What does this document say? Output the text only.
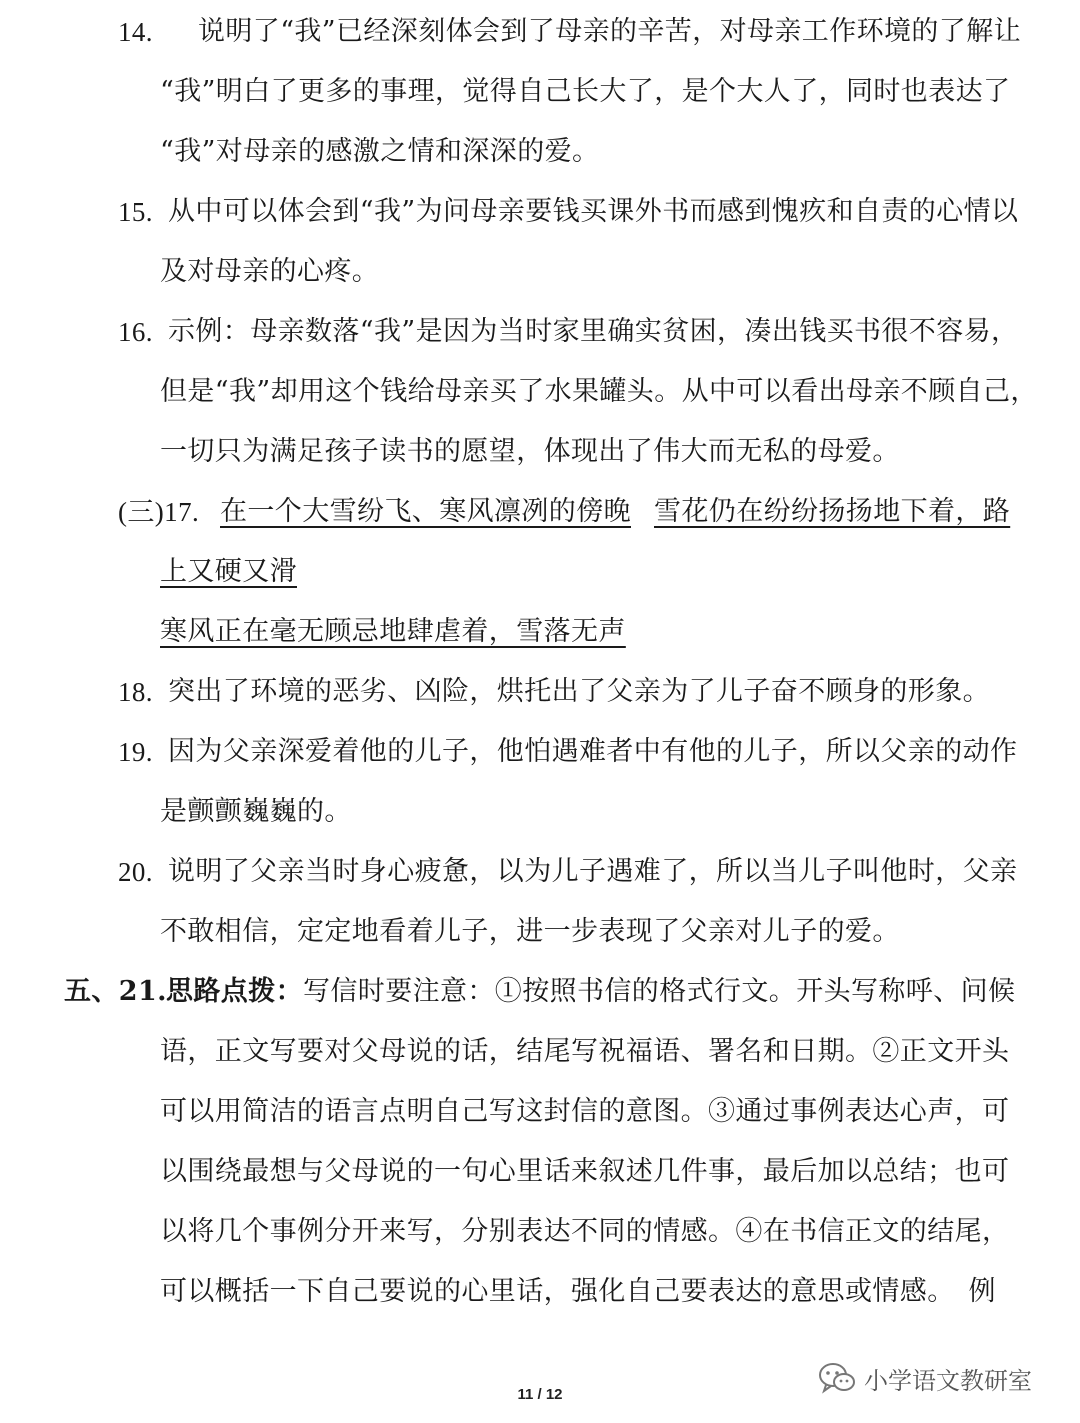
14. 说明了“我”已经深刻体会到了母亲的辛苦，对母亲工作环境的了解让
“我”明白了更多的事理，觉得自己长大了，是个大人了，同时也表达了
“我”对母亲的感激之情和深深的爱。
15. 从中可以体会到“我”为问母亲要钱买课外书而感到愧疚和自责的心情以
及对母亲的心疼。
16. 示例：母亲数落“我”是因为当时家里确实贫困，凑出钱买书很不容易，
但是“我”却用这个钱给母亲买了水果罐头。从中可以看出母亲不顾自己，
一切只为满足孩子读书的愿望，体现出了伟大而无私的母爱。
(三)17. 在一个大雪纷飞、寒风凛冽的傍晚 雪花仍在纷纷扬扬地下着，路
上又硬又滑
寒风正在毫无顾忌地肆虐着，雪落无声
18. 突出了环境的恶劣、凶险，烘托出了父亲为了儿子奋不顾身的形象。
19. 因为父亲深爱着他的儿子，他怕遇难者中有他的儿子，所以父亲的动作
是颤颤巍巍的。
20. 说明了父亲当时身心疲惫，以为儿子遇难了，所以当儿子叫他时，父亲
不敢相信，定定地看着儿子，进一步表现了父亲对儿子的爱。
五、21. 思路点拨：写信时要注意：①按照书信的格式行文。开头写称呼、问候
语，正文写要对父母说的话，结尾写祝福语、署名和日期。②正文开头
可以用简洁的语言点明自己写这封信的意图。③通过事例表达心声，可
以围绕最想与父母说的一句心里话来叙述几件事，最后加以总结；也可
以将几个事例分开来写，分别表达不同的情感。④在书信正文的结尾，
可以概括一下自己要说的心里话，强化自己要表达的意思或情感。　例
小学语文教研室
11 / 12
